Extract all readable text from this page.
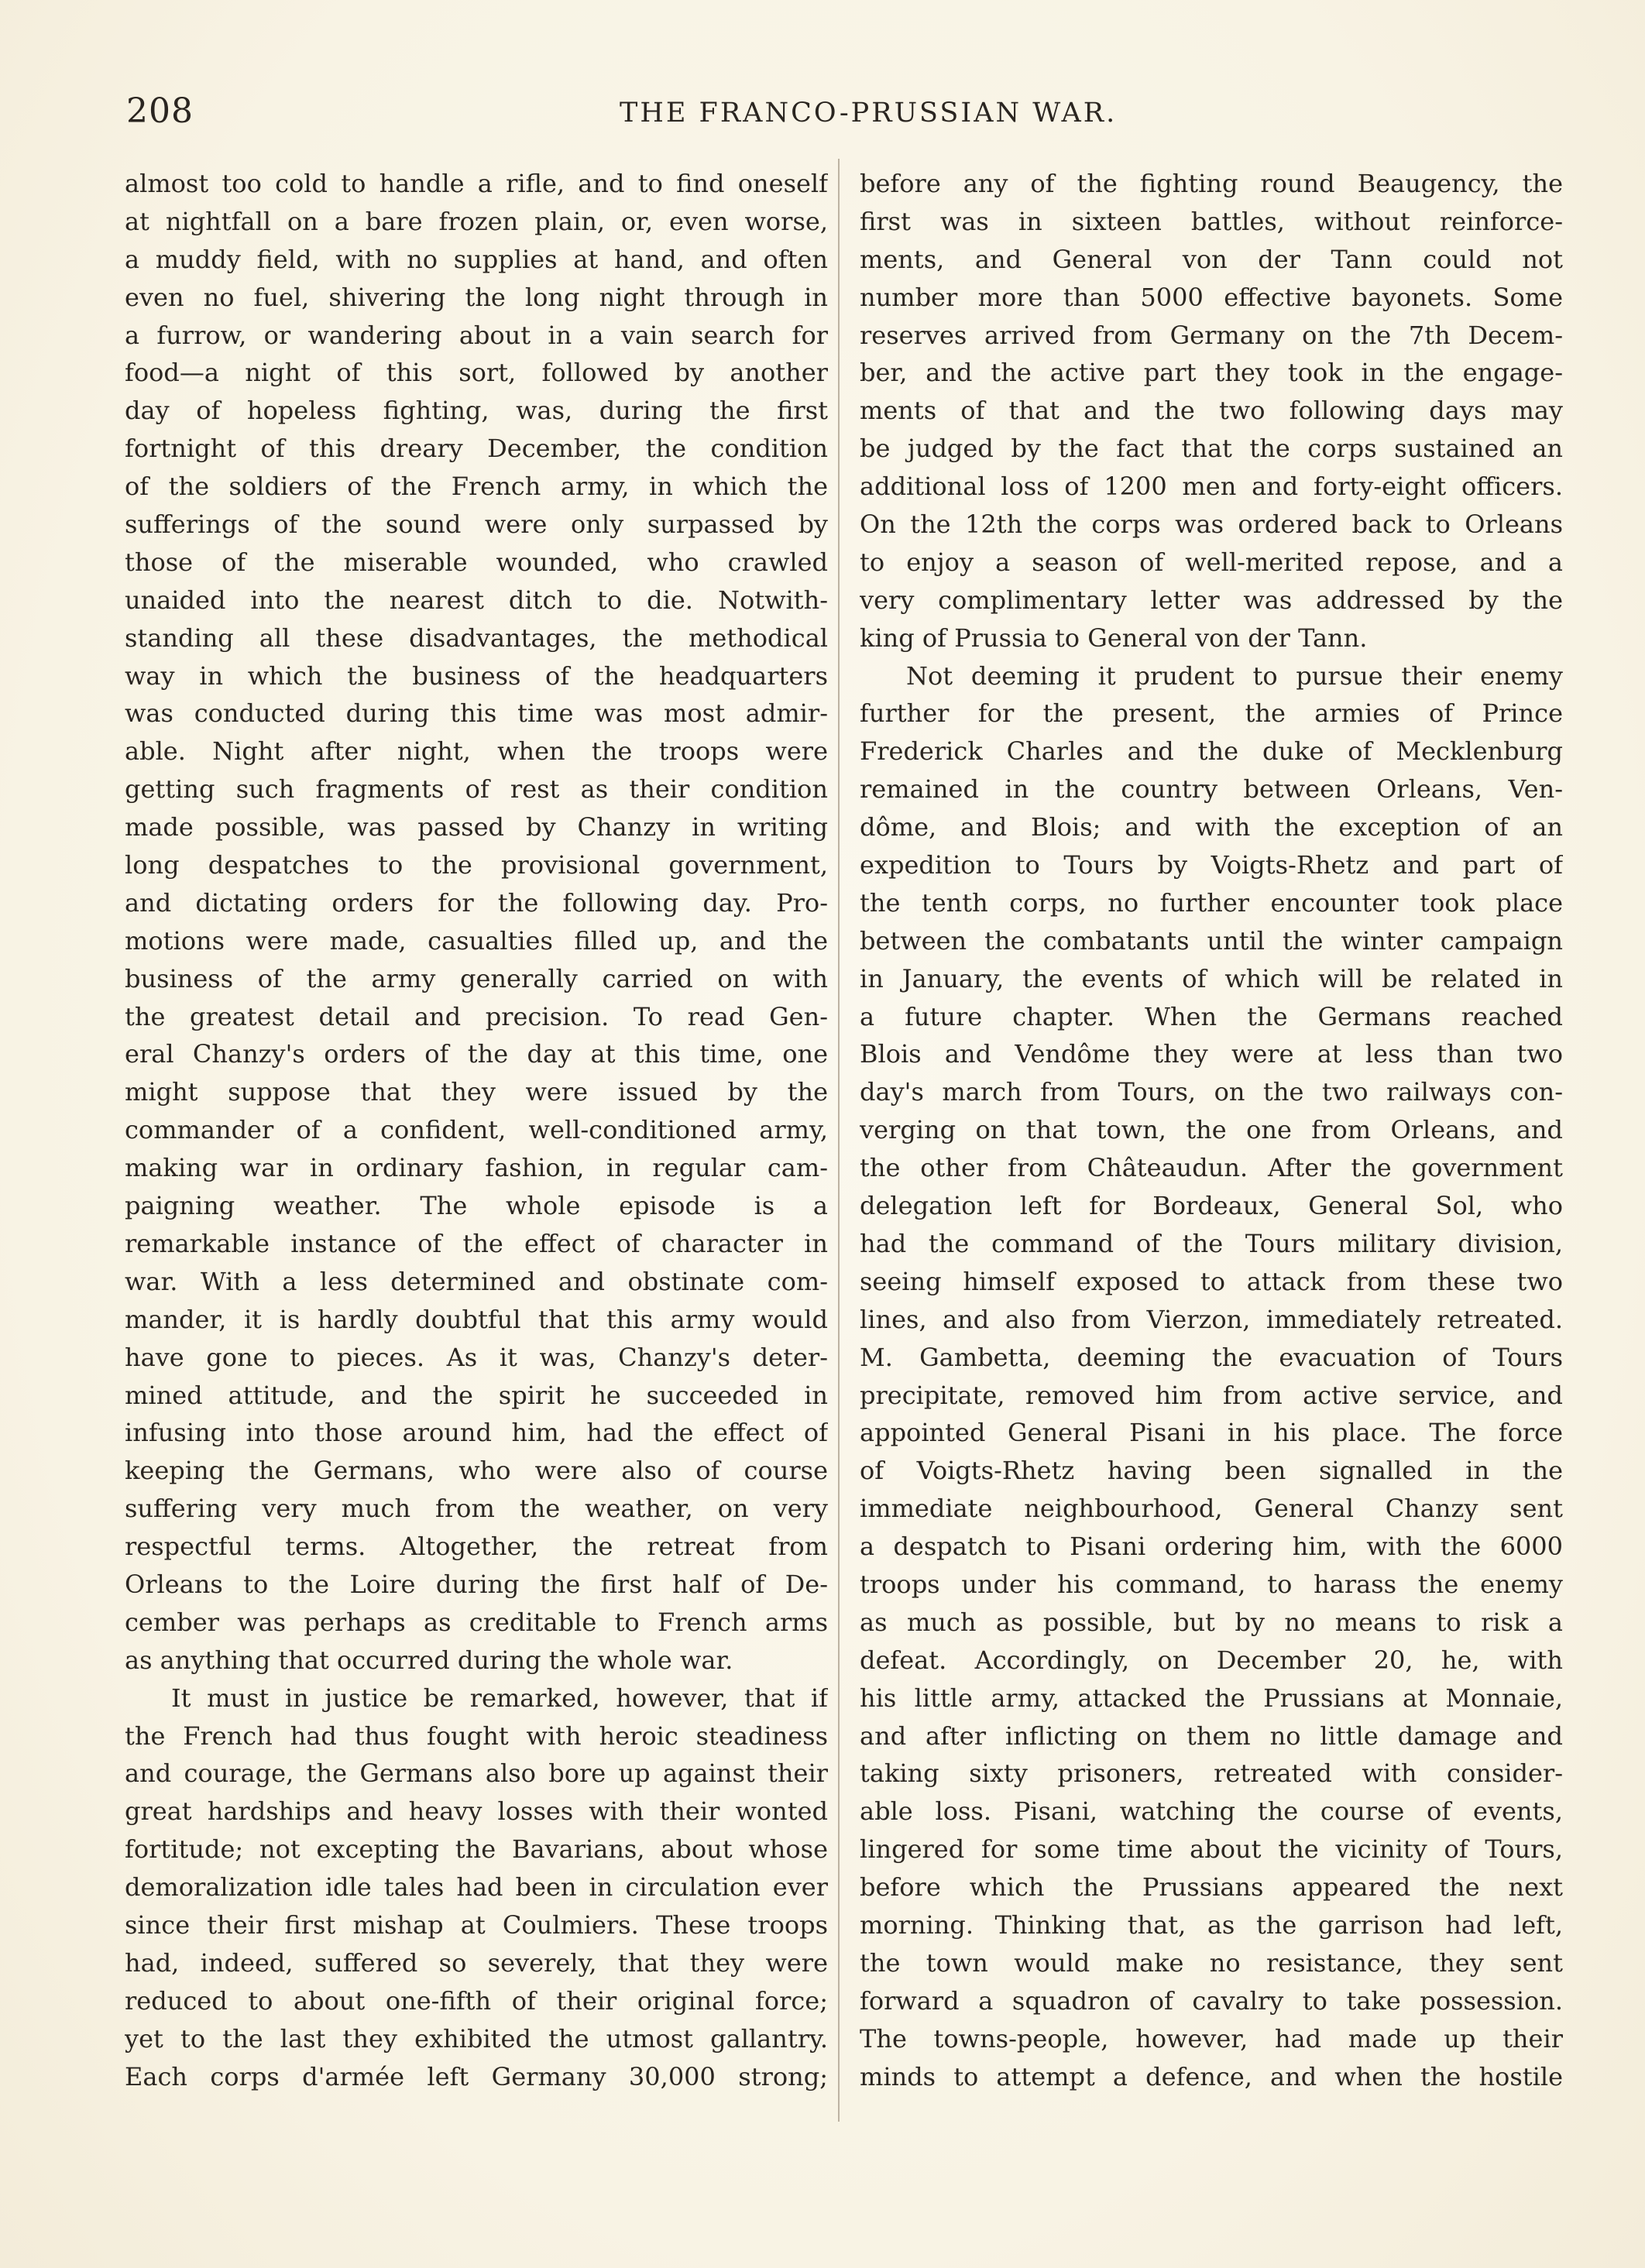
208	THE FRANCO-PRUSSIAN WAR.
almost too cold to handle a rifle, and to find oneself
at nightfall on a bare frozen plain, or, even worse,
a muddy field, with no supplies at hand, and often
even no fuel, shivering the long night through in
a furrow, or wandering about in a vain search for
food—a night of this sort, followed by another
day of hopeless fighting, was, during the first
fortnight of this dreary December, the condition
of the soldiers of the French army, in which the
sufferings of the sound were only surpassed by
those of the miserable wounded, who crawled
unaided into the nearest ditch to die. Notwith-
standing all these disadvantages, the methodical
way in which the business of the headquarters
was conducted during this time was most admir-
able. Night after night, when the troops were
getting such fragments of rest as their condition
made possible, was passed by Chanzy in writing
long despatches to the provisional government,
and dictating orders for the following day. Pro-
motions were made, casualties filled up, and the
business of the army generally carried on with
the greatest detail and precision. To read Gen-
eral Chanzy's orders of the day at this time, one
might suppose that they were issued by the
commander of a confident, well-conditioned army,
making war in ordinary fashion, in regular cam-
paigning weather. The whole episode is a
remarkable instance of the effect of character in
war. With a less determined and obstinate com-
mander, it is hardly doubtful that this army would
have gone to pieces. As it was, Chanzy's deter-
mined attitude, and the spirit he succeeded in
infusing into those around him, had the effect of
keeping the Germans, who were also of course
suffering very much from the weather, on very
respectful terms. Altogether, the retreat from
Orleans to the Loire during the first half of De-
cember was perhaps as creditable to French arms
as anything that occurred during the whole war.
It must in justice be remarked, however, that if
the French had thus fought with heroic steadiness
and courage, the Germans also bore up against their
great hardships and heavy losses with their wonted
fortitude; not excepting the Bavarians, about whose
demoralization idle tales had been in circulation ever
since their first mishap at Coulmiers. These troops
had, indeed, suffered so severely, that they were
reduced to about one-fifth of their original force;
yet to the last they exhibited the utmost gallantry.
Each corps d'armée left Germany 30,000 strong;
before any of the fighting round Beaugency, the
first was in sixteen battles, without reinforce-
ments, and General von der Tann could not
number more than 5000 effective bayonets. Some
reserves arrived from Germany on the 7th Decem-
ber, and the active part they took in the engage-
ments of that and the two following days may
be judged by the fact that the corps sustained an
additional loss of 1200 men and forty-eight officers.
On the 12th the corps was ordered back to Orleans
to enjoy a season of well-merited repose, and a
very complimentary letter was addressed by the
king of Prussia to General von der Tann.
Not deeming it prudent to pursue their enemy
further for the present, the armies of Prince
Frederick Charles and the duke of Mecklenburg
remained in the country between Orleans, Ven-
dôme, and Blois; and with the exception of an
expedition to Tours by Voigts-Rhetz and part of
the tenth corps, no further encounter took place
between the combatants until the winter campaign
in January, the events of which will be related in
a future chapter. When the Germans reached
Blois and Vendôme they were at less than two
day's march from Tours, on the two railways con-
verging on that town, the one from Orleans, and
the other from Châteaudun. After the government
delegation left for Bordeaux, General Sol, who
had the command of the Tours military division,
seeing himself exposed to attack from these two
lines, and also from Vierzon, immediately retreated.
M. Gambetta, deeming the evacuation of Tours
precipitate, removed him from active service, and
appointed General Pisani in his place. The force
of Voigts-Rhetz having been signalled in the
immediate neighbourhood, General Chanzy sent
a despatch to Pisani ordering him, with the 6000
troops under his command, to harass the enemy
as much as possible, but by no means to risk a
defeat. Accordingly, on December 20, he, with
his little army, attacked the Prussians at Monnaie,
and after inflicting on them no little damage and
taking sixty prisoners, retreated with consider-
able loss. Pisani, watching the course of events,
lingered for some time about the vicinity of Tours,
before which the Prussians appeared the next
morning. Thinking that, as the garrison had left,
the town would make no resistance, they sent
forward a squadron of cavalry to take possession.
The towns-people, however, had made up their
minds to attempt a defence, and when the hostile
